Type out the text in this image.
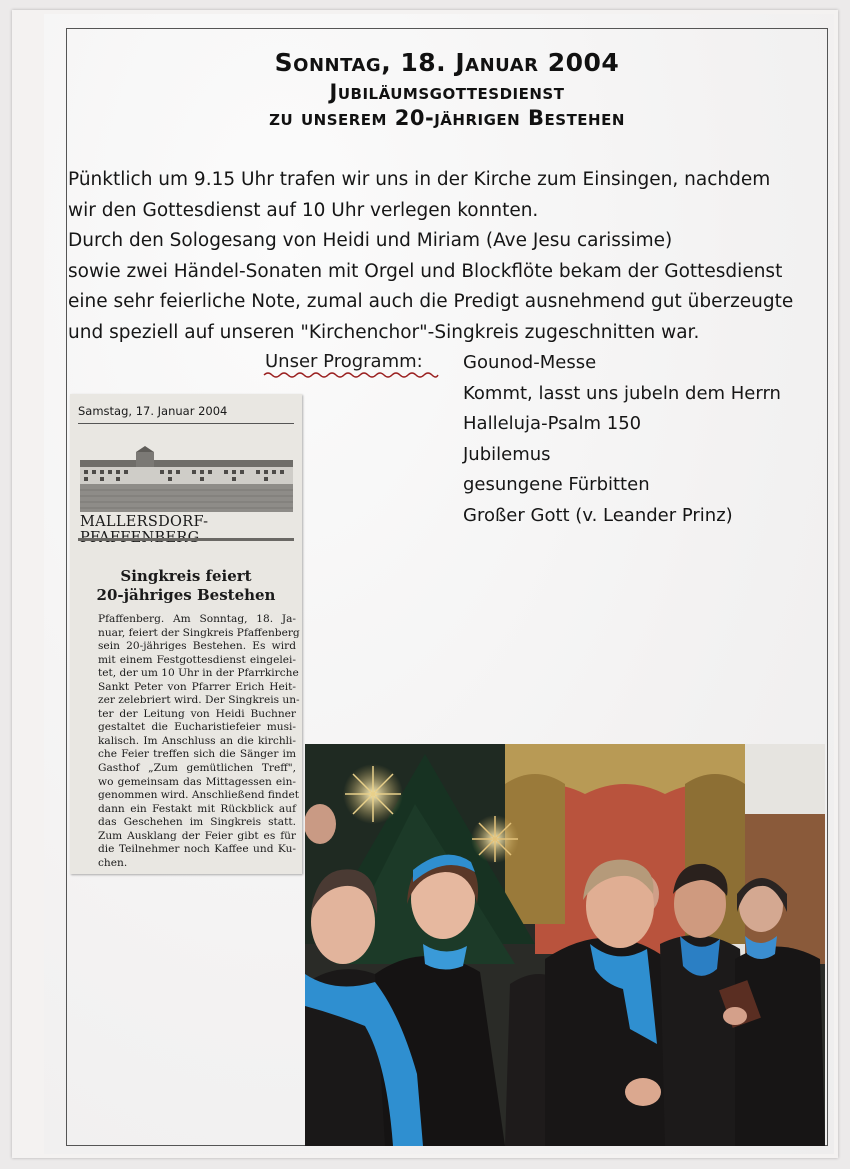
Sonntag, 18. Januar 2004
Jubiläumsgottesdienst
zu unserem 20-jährigen Bestehen
Pünktlich um 9.15 Uhr trafen wir uns in der Kirche zum Einsingen, nachdem
wir den Gottesdienst auf 10 Uhr verlegen konnten.
Durch den Sologesang von Heidi und Miriam (Ave Jesu carissime)
sowie zwei Händel-Sonaten mit Orgel und Blockflöte bekam der Gottesdienst
eine sehr feierliche Note, zumal auch die Predigt ausnehmend gut überzeugte
und speziell auf unseren "Kirchenchor"-Singkreis zugeschnitten war.
Unser Programm: Gounod-Messe
Kommt, lasst uns jubeln dem Herrn
Halleluja-Psalm 150
Jubilemus
gesungene Fürbitten
Großer Gott (v. Leander Prinz)
Samstag, 17. Januar 2004
MALLERSDORF-
Singkreis feiert
20-jähriges Bestehen
Pfaffenberg. Am Sonntag, 18. Ja-
nuar, feiert der Singkreis Pfaffenberg
sein 20-jähriges Bestehen. Es wird
mit einem Festgottesdienst eingelei-
tet, der um 10 Uhr in der Pfarrkirche
Sankt Peter von Pfarrer Erich Heit-
zer zelebriert wird. Der Singkreis un-
ter der Leitung von Heidi Buchner
gestaltet die Eucharistiefeier musi-
kalisch. Im Anschluss an die kirchli-
che Feier treffen sich die Sänger im
Gasthof „Zum gemütlichen Treff",
wo gemeinsam das Mittagessen ein-
genommen wird. Anschließend findet
dann ein Festakt mit Rückblick auf
das Geschehen im Singkreis statt.
Zum Ausklang der Feier gibt es für
die Teilnehmer noch Kaffee und Ku-
chen.
